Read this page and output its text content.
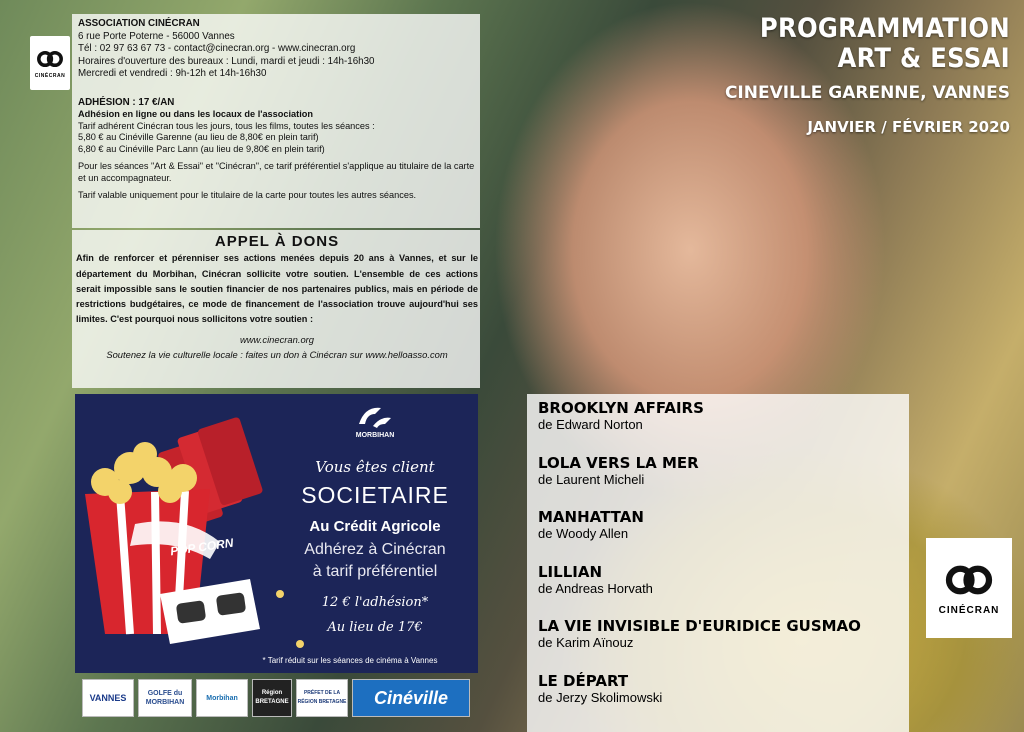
CINÉCRAN
ASSOCIATION CINÉCRAN
6 rue Porte Poterne - 56000 Vannes
Tél : 02 97 63 67 73 - contact@cinecran.org - www.cinecran.org
Horaires d'ouverture des bureaux : Lundi, mardi et jeudi : 14h-16h30
Mercredi et vendredi : 9h-12h et 14h-16h30
ADHÉSION : 17 €/AN
Adhésion en ligne ou dans les locaux de l'association
Tarif adhérent Cinécran tous les jours, tous les films, toutes les séances :
5,80 € au Cinéville Garenne (au lieu de 8,80€ en plein tarif)

6,80 € au Cinéville Parc Lann (au lieu de 9,80€ en plein tarif)

Pour les séances "Art & Essai" et "Cinécran", ce tarif préférentiel s'applique au titulaire de la carte et un accompagnateur.

Tarif valable uniquement pour le titulaire de la carte pour toutes les autres séances.

APPEL À DONS
Afin de renforcer et pérenniser ses actions menées depuis 20 ans à Vannes, et sur le département du Morbihan, Cinécran sollicite votre soutien. L'ensemble de ces actions serait impossible sans le soutien financier de nos partenaires publics, mais en période de restrictions budgétaires, ce mode de financement de l'association trouve aujourd'hui ses limites. C'est pourquoi nous sollicitons votre soutien :
www.cinecran.org
Soutenez la vie culturelle locale : faites un don à Cinécran sur www.helloasso.com
POP CORN
MORBIHAN
Vous êtes client
SOCIETAIRE
Au Crédit Agricole
Adhérez à Cinécran
à tarif préférentiel
12 € l'adhésion*
Au lieu de 17€
* Tarif réduit sur les séances de cinéma à Vannes
VANNES	GOLFE du MORBIHAN
Morbihan
Région BRETAGNE
PRÉFET DE LA RÉGION BRETAGNE	Cinéville
PROGRAMMATION
ART & ESSAI
CINEVILLE GARENNE, VANNES
JANVIER / FÉVRIER 2020
BROOKLYN AFFAIRS
de Edward Norton
LOLA VERS LA MER
de Laurent Micheli
MANHATTAN
de Woody Allen
LILLIAN
de Andreas Horvath
LA VIE INVISIBLE D'EURIDICE GUSMAO
de Karim Aïnouz
LE DÉPART
de Jerzy Skolimowski
CINÉCRAN
